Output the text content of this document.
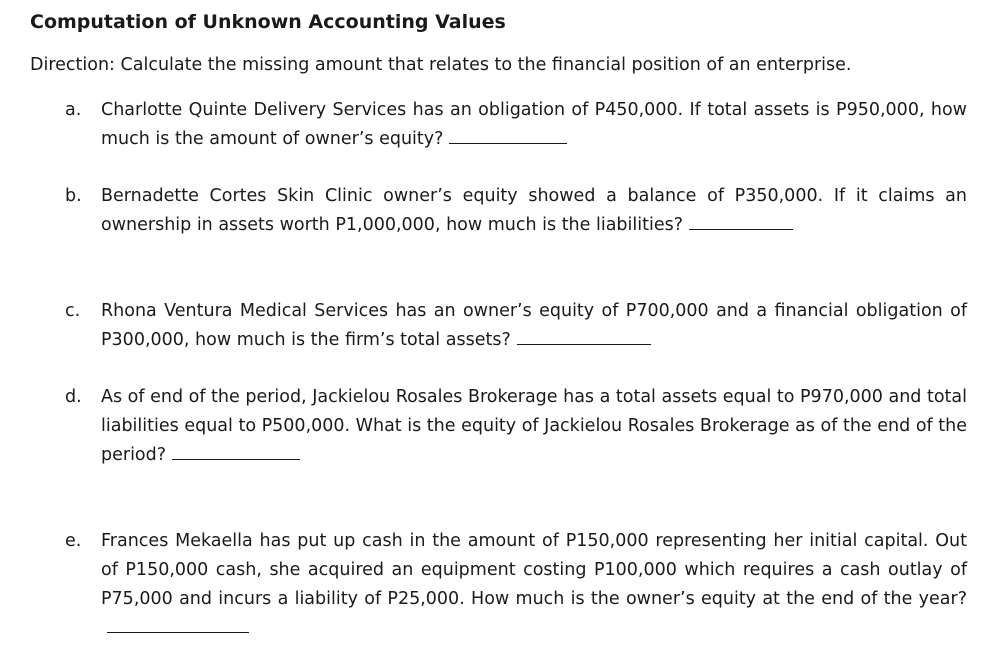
Computation of Unknown Accounting Values
Direction: Calculate the missing amount that relates to the financial position of an enterprise.
a. Charlotte Quinte Delivery Services has an obligation of P450,000. If total assets is P950,000, how much is the amount of owner’s equity?
b. Bernadette Cortes Skin Clinic owner’s equity showed a balance of P350,000. If it claims an ownership in assets worth P1,000,000, how much is the liabilities?
c. Rhona Ventura Medical Services has an owner’s equity of P700,000 and a financial obligation of P300,000, how much is the firm’s total assets?
d. As of end of the period, Jackielou Rosales Brokerage has a total assets equal to P970,000 and total liabilities equal to P500,000. What is the equity of Jackielou Rosales Brokerage as of the end of the period?
e. Frances Mekaella has put up cash in the amount of P150,000 representing her initial capital. Out of P150,000 cash, she acquired an equipment costing P100,000 which requires a cash outlay of P75,000 and incurs a liability of P25,000. How much is the owner’s equity at the end of the year?
